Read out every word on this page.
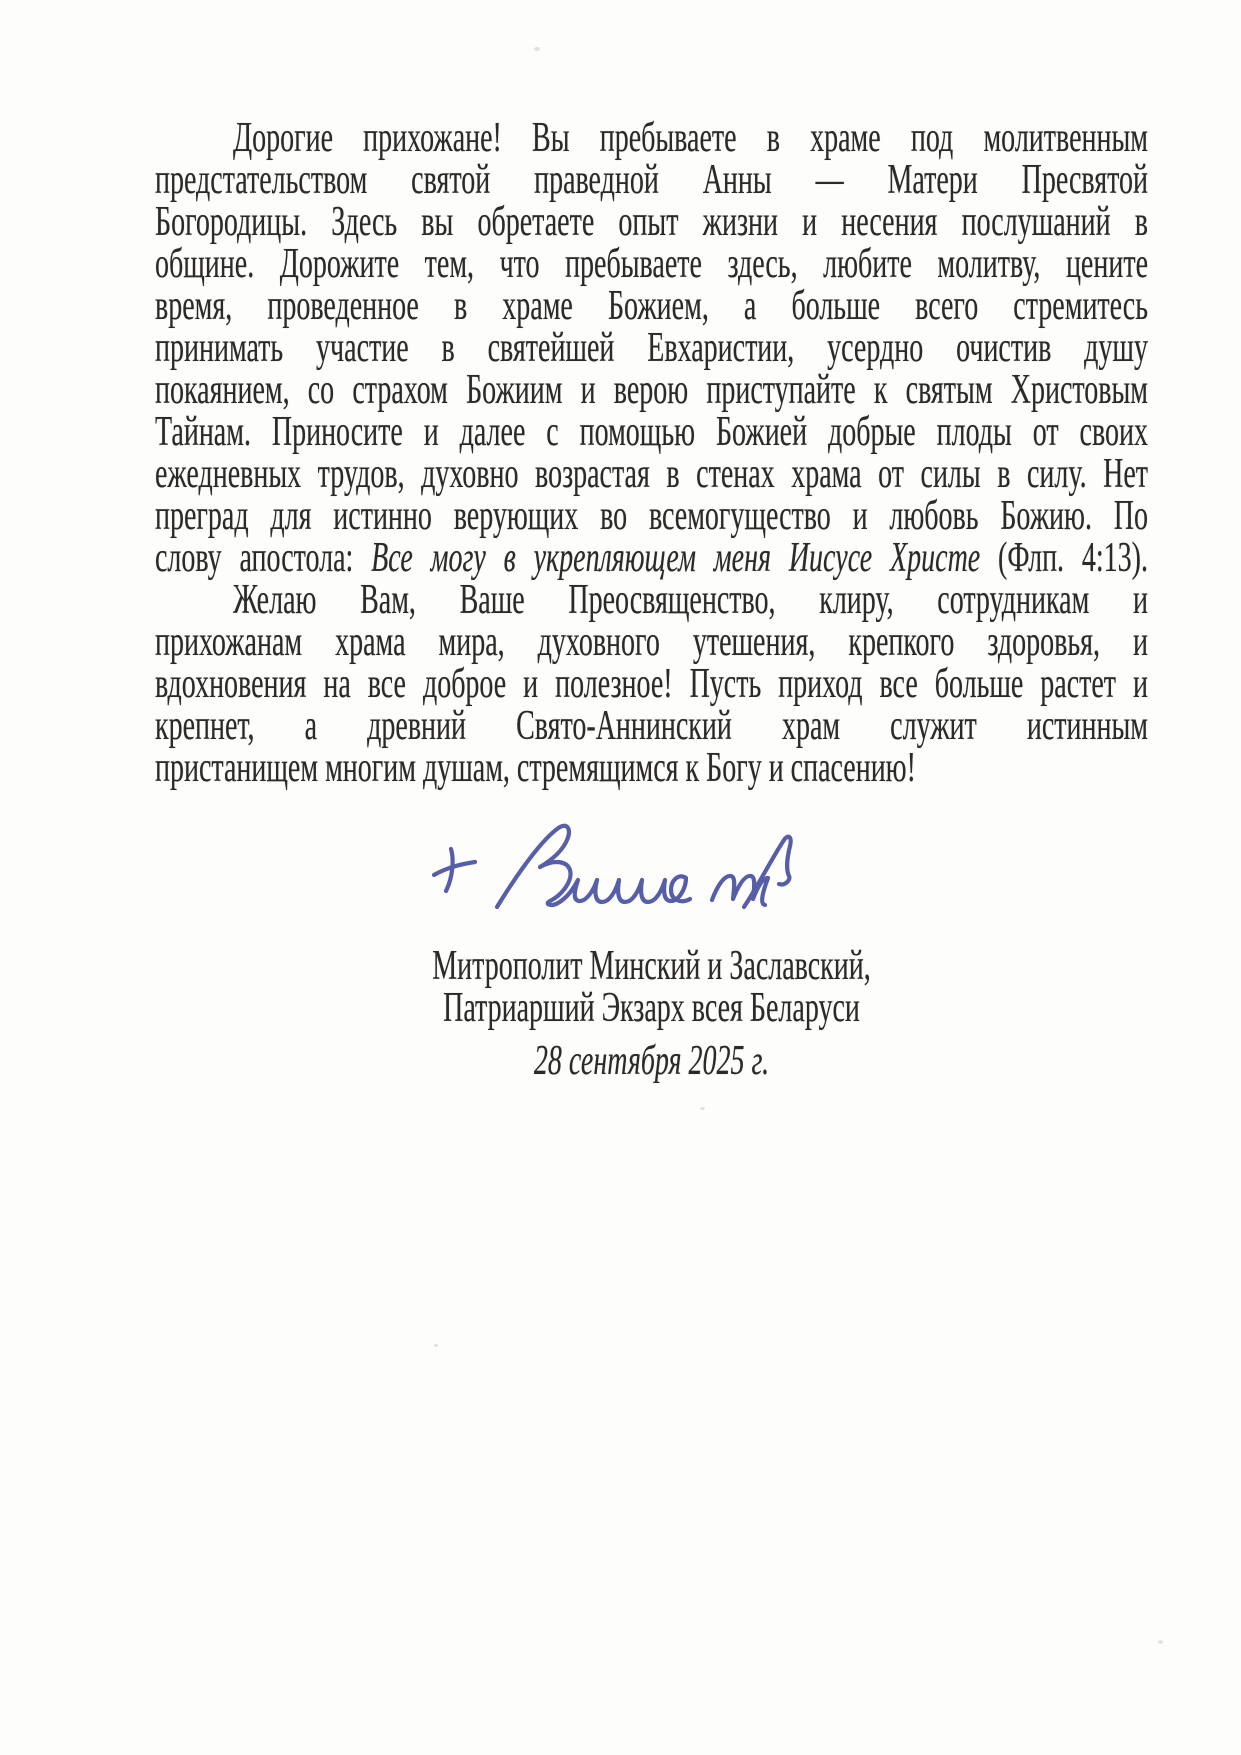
Дорогие прихожане! Вы пребываете в храме под молитвенным
предстательством святой праведной Анны — Матери Пресвятой
Богородицы. Здесь вы обретаете опыт жизни и несения послушаний в
общине. Дорожите тем, что пребываете здесь, любите молитву, цените
время, проведенное в храме Божием, а больше всего стремитесь
принимать участие в святейшей Евхаристии, усердно очистив душу
покаянием, со страхом Божиим и верою приступайте к святым Христовым
Тайнам. Приносите и далее с помощью Божией добрые плоды от своих
ежедневных трудов, духовно возрастая в стенах храма от силы в силу. Нет
преград для истинно верующих во всемогущество и любовь Божию. По
слову апостола: Все могу в укрепляющем меня Иисусе Христе (Флп. 4:13).
Желаю Вам, Ваше Преосвященство, клиру, сотрудникам и
прихожанам храма мира, духовного утешения, крепкого здоровья, и
вдохновения на все доброе и полезное! Пусть приход все больше растет и
крепнет, а древний Свято-Аннинский храм служит истинным
пристанищем многим душам, стремящимся к Богу и спасению!
Митрополит Минский и Заславский,
Патриарший Экзарх всея Беларуси
28 сентября 2025 г.
